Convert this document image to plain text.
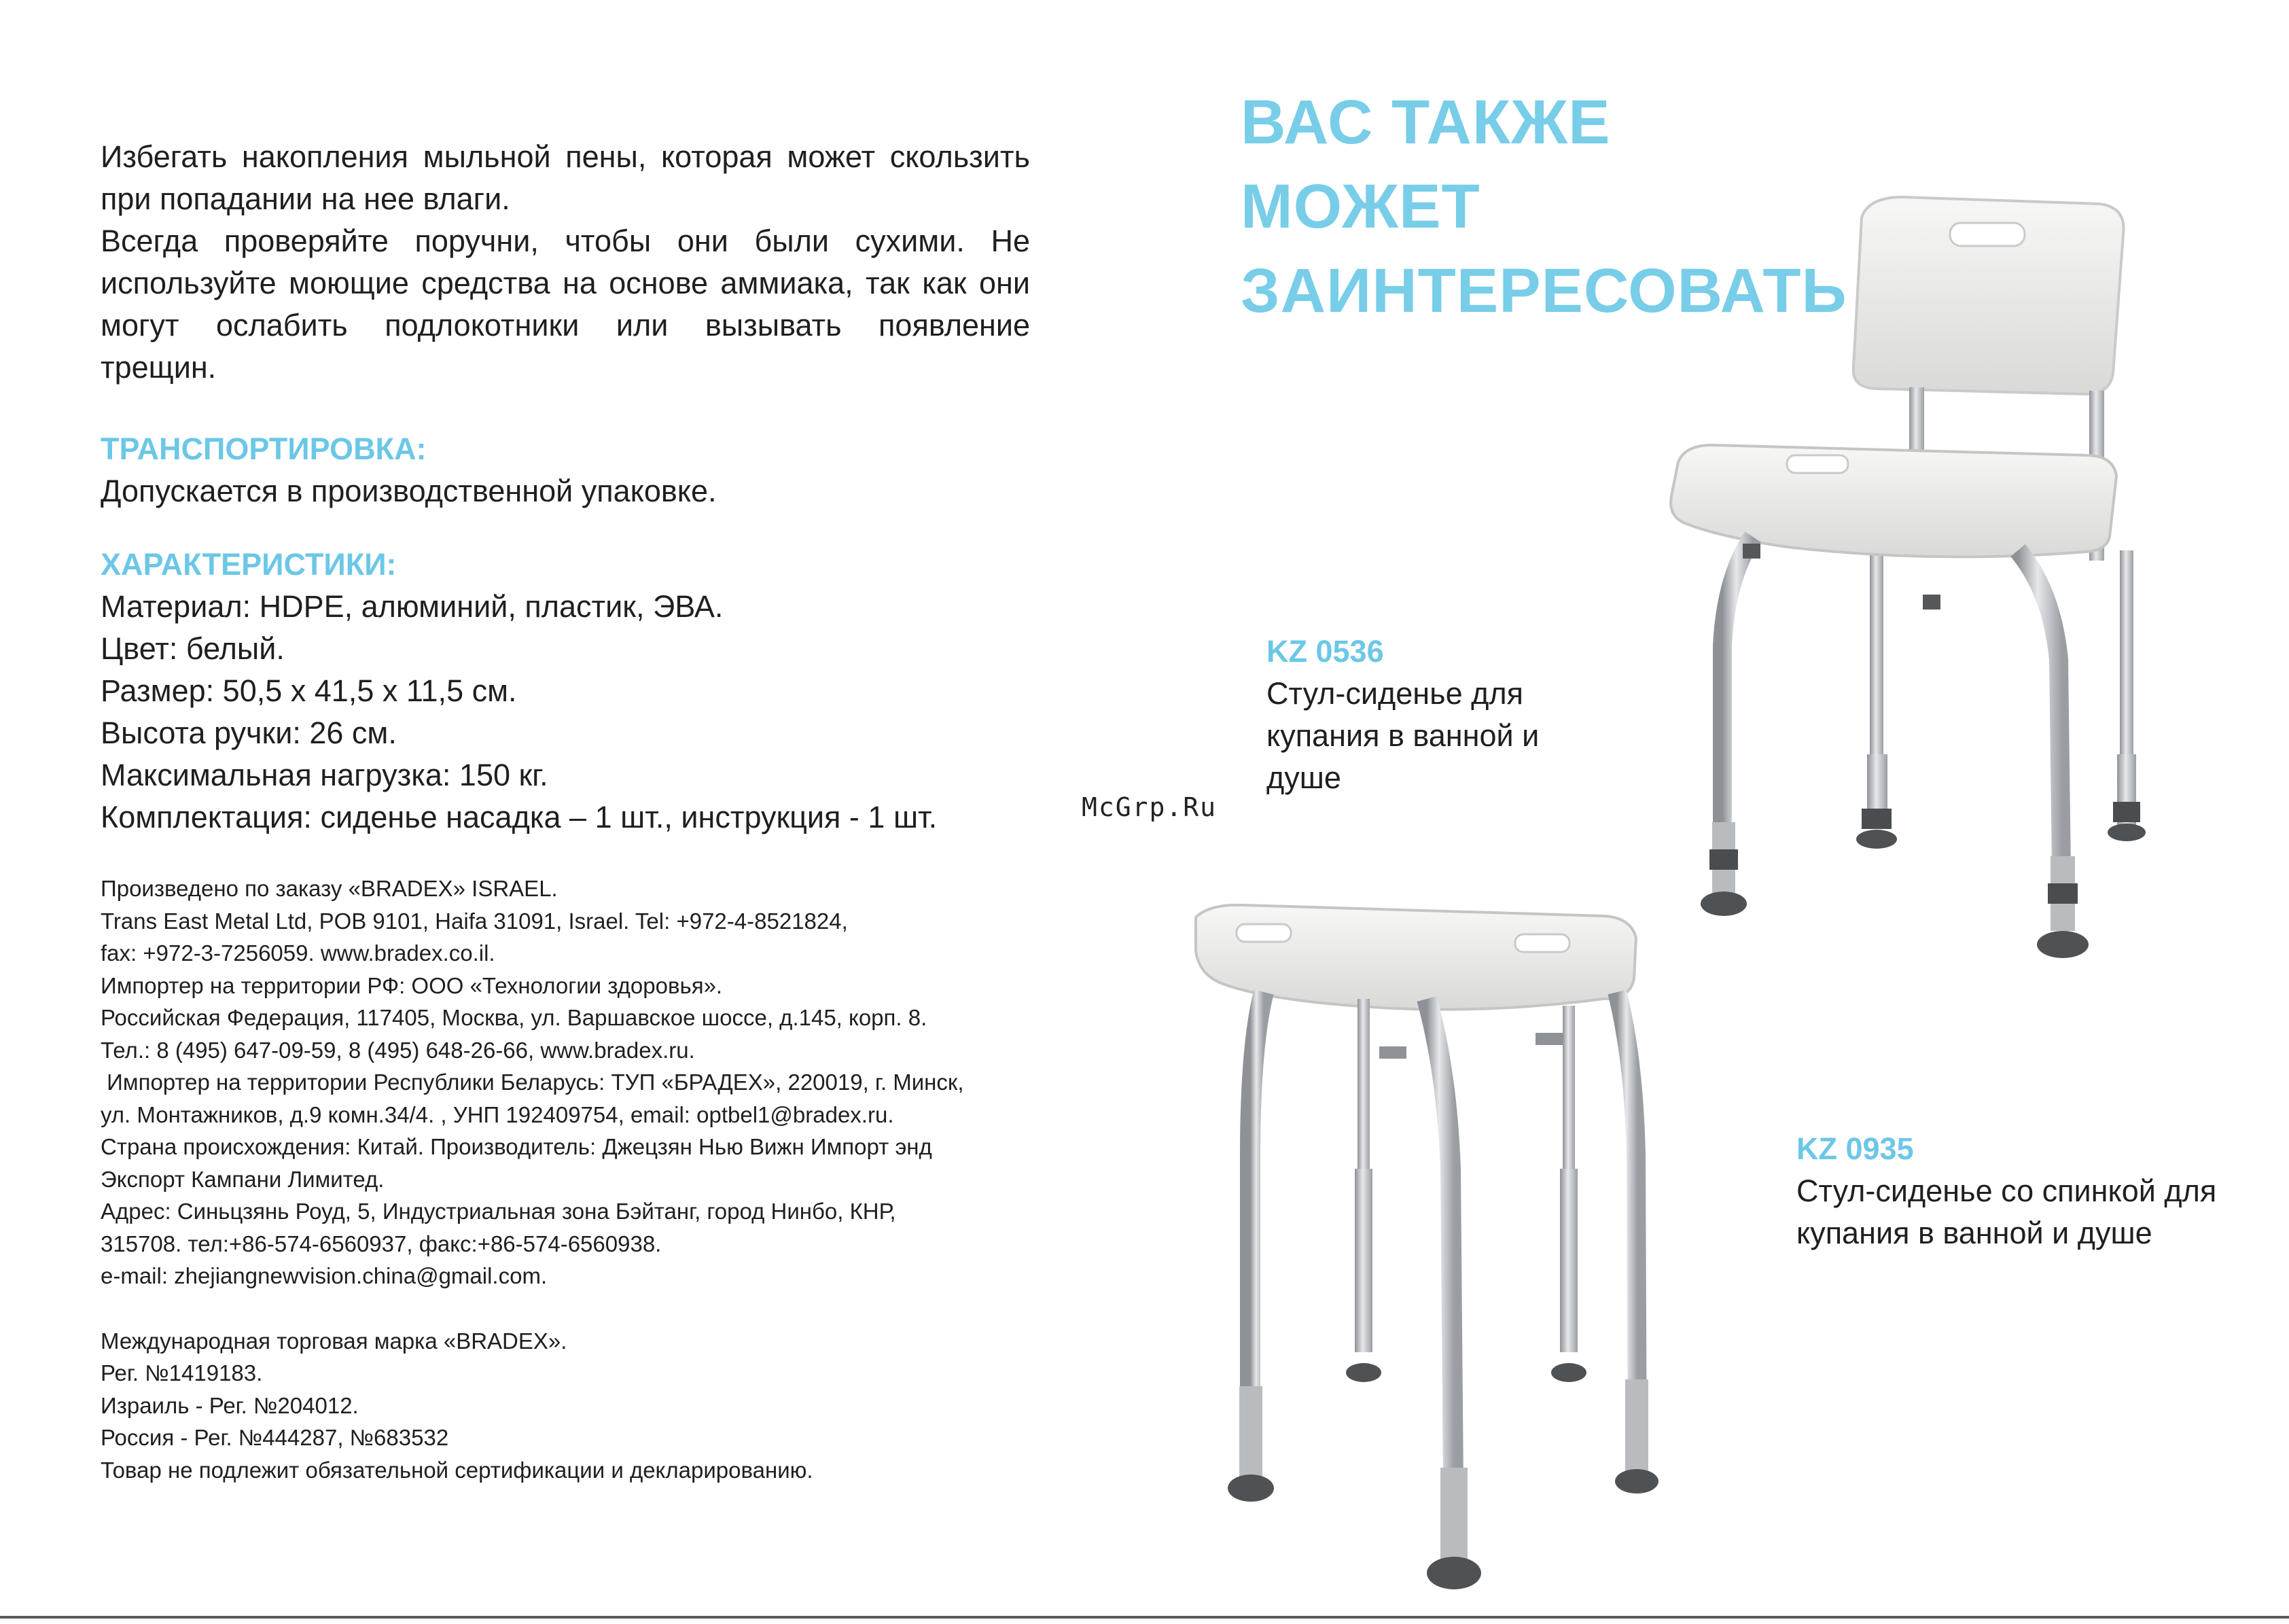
Избегать накопления мыльной пены, которая может скользить
при попадании на нее влаги.
Всегда проверяйте поручни, чтобы они были сухими. Не
используйте моющие средства на основе аммиака, так как они
могут ослабить подлокотники или вызывать появление
трещин.

ТРАНСПОРТИРОВКА:

Допускается в производственной упаковке.

ХАРАКТЕРИСТИКИ:

Материал: HDPE, алюминий, пластик, ЭВА.

Цвет: белый.

Размер: 50,5 х 41,5 х 11,5 см.

Высота ручки: 26 см.

Максимальная нагрузка: 150 кг.

Комплектация: сиденье насадка – 1 шт., инструкция - 1 шт.

Произведено по заказу «BRADEX» ISRAEL.

Trans East Metal Ltd, POB 9101, Haifa 31091, Israel. Tel: +972-4-8521824,

fax: +972-3-7256059. www.bradex.co.il.

Импортер на территории РФ: ООО «Технологии здоровья».

Российская Федерация, 117405, Москва, ул. Варшавское шоссе, д.145, корп. 8.

Тел.: 8 (495) 647-09-59, 8 (495) 648-26-66, www.bradex.ru.

Импортер на территории Республики Беларусь: ТУП «БРАДЕХ», 220019, г. Минск,

ул. Монтажников, д.9 комн.34/4. , УНП 192409754, email: optbel1@bradex.ru.

Страна происхождения: Китай. Производитель: Джецзян Нью Вижн Импорт энд

Экспорт Кампани Лимитед.

Адрес: Синьцзянь Роуд, 5, Индустриальная зона Бэйтанг, город Нинбо, КНР,

315708. тел:+86-574-6560937, факс:+86-574-6560938.

e-mail: zhejiangnewvision.china@gmail.com.

Международная торговая марка «BRADEX».

Рег. №1419183.

Израиль - Рег. №204012.

Россия - Рег. №444287, №683532

Товар не подлежит обязательной сертификации и декларированию.

ВАС ТАКЖЕ
МОЖЕТ
ЗАИНТЕРЕСОВАТЬ
McGrp.Ru

KZ 0536

Стул-сиденье для

купания в ванной и

душе

KZ 0935

Стул-сиденье со спинкой для

купания в ванной и душе
